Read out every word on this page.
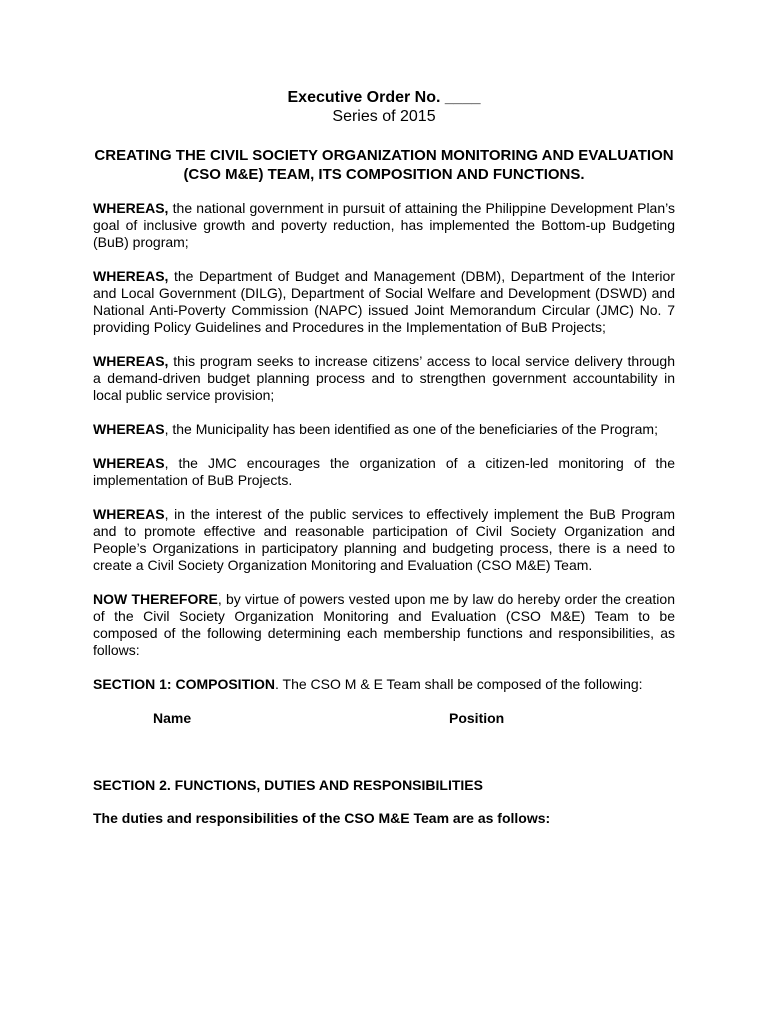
Executive Order No. ____
Series of 2015
CREATING THE CIVIL SOCIETY ORGANIZATION MONITORING AND EVALUATION (CSO M&E) TEAM, ITS COMPOSITION AND FUNCTIONS.

WHEREAS, the national government in pursuit of attaining the Philippine Development Plan’s goal of inclusive growth and poverty reduction, has implemented the Bottom-up Budgeting (BuB) program;

WHEREAS, the Department of Budget and Management (DBM), Department of the Interior and Local Government (DILG), Department of Social Welfare and Development (DSWD) and National Anti-Poverty Commission (NAPC) issued Joint Memorandum Circular (JMC) No. 7 providing Policy Guidelines and Procedures in the Implementation of BuB Projects;

WHEREAS, this program seeks to increase citizens’ access to local service delivery through a demand-driven budget planning process and to strengthen government accountability in local public service provision;

WHEREAS, the Municipality has been identified as one of the beneficiaries of the Program;

WHEREAS, the JMC encourages the organization of a citizen-led monitoring of the implementation of BuB Projects.

WHEREAS, in the interest of the public services to effectively implement the BuB Program and to promote effective and reasonable participation of Civil Society Organization and People’s Organizations in participatory planning and budgeting process, there is a need to create a Civil Society Organization Monitoring and Evaluation (CSO M&E) Team.

NOW THEREFORE, by virtue of powers vested upon me by law do hereby order the creation of the Civil Society Organization Monitoring and Evaluation (CSO M&E) Team to be composed of the following determining each membership functions and responsibilities, as follows:

SECTION 1: COMPOSITION. The CSO M & E Team shall be composed of the following:

Name	Position
SECTION 2. FUNCTIONS, DUTIES AND RESPONSIBILITIES
The duties and responsibilities of the CSO M&E Team are as follows:
